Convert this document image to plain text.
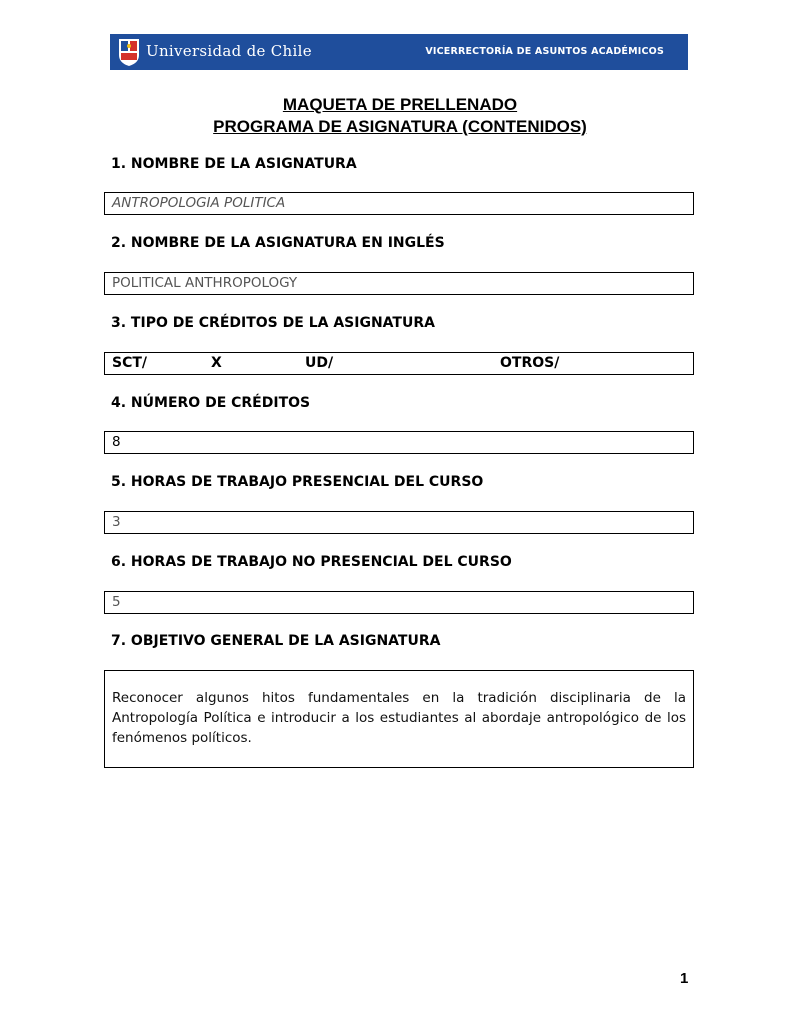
Universidad de Chile	VICERRECTORÍA DE ASUNTOS ACADÉMICOS
MAQUETA DE PRELLENADO
PROGRAMA DE ASIGNATURA (CONTENIDOS)
1. NOMBRE DE LA ASIGNATURA
ANTROPOLOGIA POLITICA
2. NOMBRE DE LA ASIGNATURA EN INGLÉS
POLITICAL ANTHROPOLOGY
3. TIPO DE CRÉDITOS DE LA ASIGNATURA
SCT/	X	UD/	OTROS/
4. NÚMERO DE CRÉDITOS
8
5. HORAS DE TRABAJO PRESENCIAL DEL CURSO
3
6. HORAS DE TRABAJO NO PRESENCIAL DEL CURSO
5
7. OBJETIVO GENERAL DE LA ASIGNATURA
Reconocer algunos hitos fundamentales en la tradición disciplinaria de la Antropología Política e introducir a los estudiantes al abordaje antropológico de los fenómenos políticos.
1
